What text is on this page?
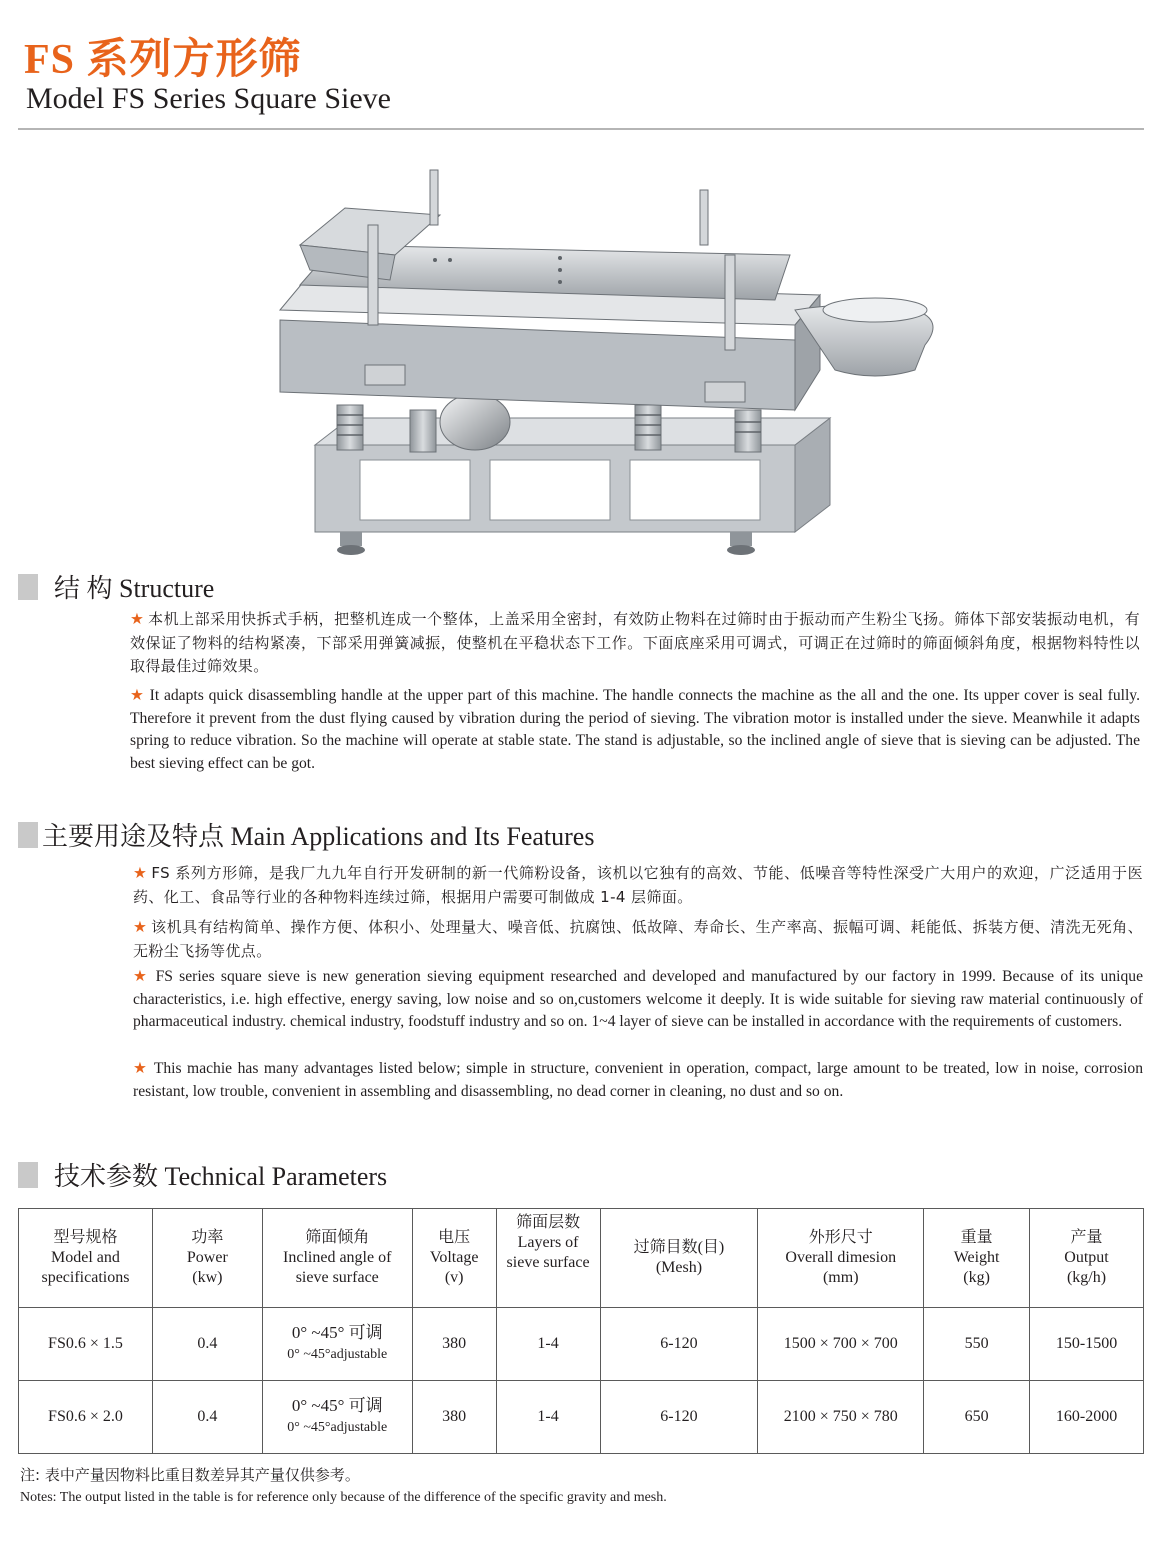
FS 系列方形筛
Model FS Series Square Sieve
结 构 Structure
★ 本机上部采用快拆式手柄，把整机连成一个整体，上盖采用全密封，有效防止物料在过筛时由于振动而产生粉尘飞扬。筛体下部安装振动电机，有效保证了物料的结构紧凑，下部采用弹簧减振，使整机在平稳状态下工作。下面底座采用可调式，可调正在过筛时的筛面倾斜角度，根据物料特性以取得最佳过筛效果。
★ It adapts quick disassembling handle at the upper part of this machine. The handle connects the machine as the all and the one. Its upper cover is seal fully. Therefore it prevent from the dust flying caused by vibration during the period of sieving. The vibration motor is installed under the sieve. Meanwhile it adapts spring to reduce vibration. So the machine will operate at stable state. The stand is adjustable, so the inclined angle of sieve that is sieving can be adjusted. The best sieving effect can be got.
主要用途及特点 Main Applications and Its Features
★ FS 系列方形筛，是我厂九九年自行开发研制的新一代筛粉设备，该机以它独有的高效、节能、低噪音等特性深受广大用户的欢迎，广泛适用于医药、化工、食品等行业的各种物料连续过筛，根据用户需要可制做成 1-4 层筛面。
★ 该机具有结构简单、操作方便、体积小、处理量大、噪音低、抗腐蚀、低故障、寿命长、生产率高、振幅可调、耗能低、拆装方便、清洗无死角、无粉尘飞扬等优点。
★ FS series square sieve is new generation sieving equipment researched and developed and manufactured by our factory in 1999. Because of its unique characteristics, i.e. high effective, energy saving, low noise and so on,customers welcome it deeply. It is wide suitable for sieving raw material continuously of pharmaceutical industry. chemical industry, foodstuff industry and so on. 1~4 layer of sieve can be installed in accordance with the requirements of customers.
★ This machie has many advantages listed below; simple in structure, convenient in operation, compact, large amount to be treated, low in noise, corrosion resistant, low trouble, convenient in assembling and disassembling, no dead corner in cleaning, no dust and so on.
技术参数 Technical Parameters
型号规格
Model and
specifications	功率
Power
(kw)	筛面倾角
Inclined angle of
sieve surface	电压
Voltage
(v)	筛面层数
Layers of
sieve surface	过筛目数(目)
(Mesh)	外形尺寸
Overall dimesion
(mm)	重量
Weight
(kg)	产量
Output
(kg/h)
FS0.6 × 1.5	0.4	0° ~45° 可调
0° ~45°adjustable	380	1-4	6-120	1500 × 700 × 700	550	150-1500
FS0.6 × 2.0	0.4	0° ~45° 可调
0° ~45°adjustable	380	1-4	6-120	2100 × 750 × 780	650	160-2000
注: 表中产量因物料比重目数差异其产量仅供参考。
Notes: The output listed in the table is for reference only because of the difference of the specific gravity and mesh.
